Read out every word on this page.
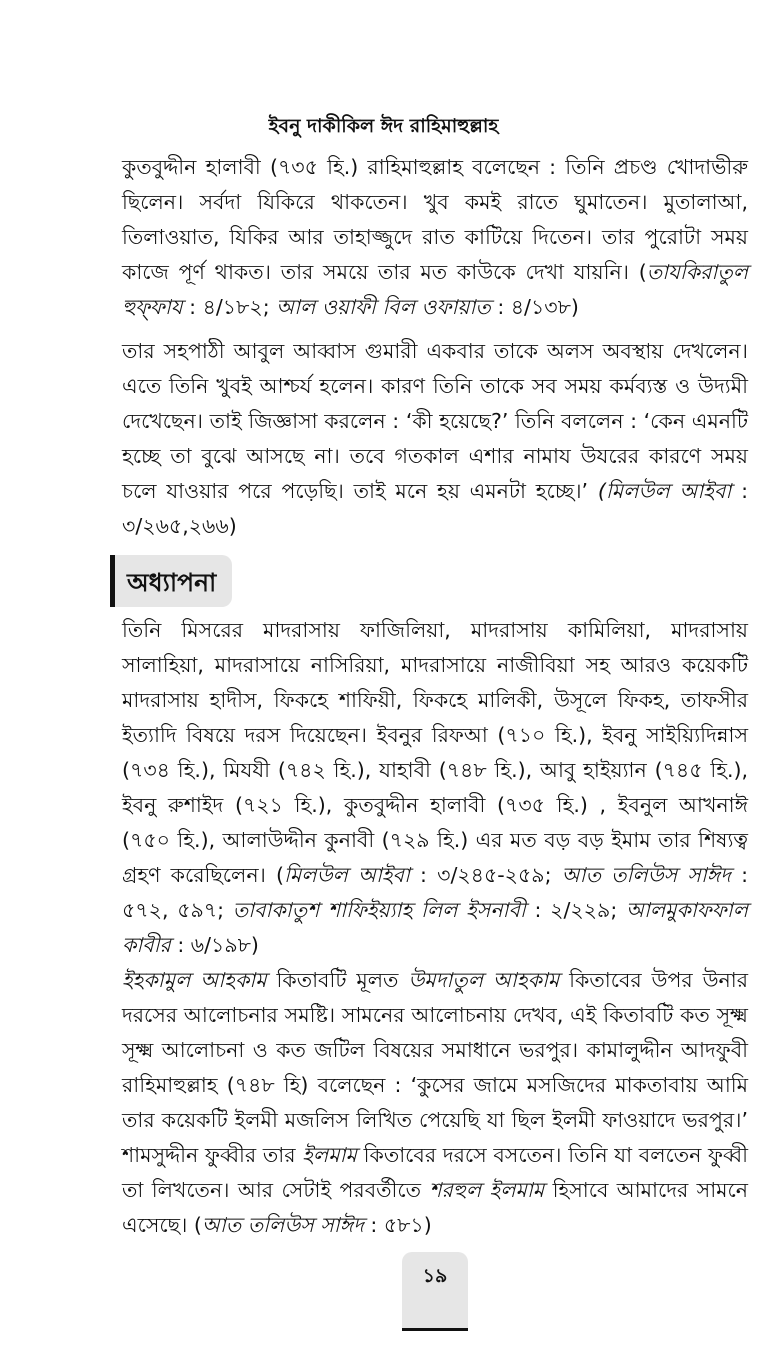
ইবনু দাকীকিল ঈদ রাহিমাহুল্লাহ

কুতবুদ্দীন হালাবী (৭৩৫ হি.) রাহিমাহুল্লাহ বলেছেন : তিনি প্রচণ্ড খোদাভীরু ছিলেন। সর্বদা যিকিরে থাকতেন। খুব কমই রাতে ঘুমাতেন। মুতালাআ, তিলাওয়াত, যিকির আর তাহাজ্জুদে রাত কাটিয়ে দিতেন। তার পুরোটা সময় কাজে পূর্ণ থাকত। তার সময়ে তার মত কাউকে দেখা যায়নি। (তাযকিরাতুল হুফ্ফায : ৪/১৮২; আল ওয়াফী বিল ওফায়াত : ৪/১৩৮)

তার সহপাঠী আবুল আব্বাস গুমারী একবার তাকে অলস অবস্থায় দেখলেন। এতে তিনি খুবই আশ্চর্য হলেন। কারণ তিনি তাকে সব সময় কর্মব্যস্ত ও উদ্যমী দেখেছেন। তাই জিজ্ঞাসা করলেন : ‘কী হয়েছে?’ তিনি বললেন : ‘কেন এমনটি হচ্ছে তা বুঝে আসছে না। তবে গতকাল এশার নামায উযরের কারণে সময় চলে যাওয়ার পরে পড়েছি। তাই মনে হয় এমনটা হচ্ছে।’ (মিলউল আইবা : ৩/২৬৫,২৬৬)

অধ্যাপনা

তিনি মিসরের মাদরাসায় ফাজিলিয়া, মাদরাসায় কামিলিয়া, মাদরাসায় সালাহিয়া, মাদরাসায়ে নাসিরিয়া, মাদরাসায়ে নাজীবিয়া সহ আরও কয়েকটি মাদরাসায় হাদীস, ফিকহে শাফিয়ী, ফিকহে মালিকী, উসূলে ফিকহ, তাফসীর ইত্যাদি বিষয়ে দরস দিয়েছেন। ইবনুর রিফআ (৭১০ হি.), ইবনু সাইয়্যিদিন্নাস (৭৩৪ হি.), মিযযী (৭৪২ হি.), যাহাবী (৭৪৮ হি.), আবু হাইয়্যান (৭৪৫ হি.), ইবনু রুশাইদ (৭২১ হি.), কুতবুদ্দীন হালাবী (৭৩৫ হি.) , ইবনুল আখনাঈ (৭৫০ হি.), আলাউদ্দীন কুনাবী (৭২৯ হি.) এর মত বড় বড় ইমাম তার শিষ্যত্ব গ্রহণ করেছিলেন। (মিলউল আইবা : ৩/২৪৫-২৫৯; আত তলিউস সাঈদ : ৫৭২, ৫৯৭; তাবাকাতুশ শাফিইয়্যাহ লিল ইসনাবী : ২/২২৯; আলমুকাফফাল কাবীর : ৬/১৯৮)

ইহকামুল আহকাম কিতাবটি মূলত উমদাতুল আহকাম কিতাবের উপর উনার দরসের আলোচনার সমষ্টি। সামনের আলোচনায় দেখব, এই কিতাবটি কত সূক্ষ্ম সূক্ষ্ম আলোচনা ও কত জটিল বিষয়ের সমাধানে ভরপুর। কামালুদ্দীন আদফুবী রাহিমাহুল্লাহ (৭৪৮ হি) বলেছেন : ‘কুসের জামে মসজিদের মাকতাবায় আমি তার কয়েকটি ইলমী মজলিস লিখিত পেয়েছি যা ছিল ইলমী ফাওয়াদে ভরপুর।’ শামসুদ্দীন ফুব্বীর তার ইলমাম কিতাবের দরসে বসতেন। তিনি যা বলতেন ফুব্বী তা লিখতেন। আর সেটাই পরবর্তীতে শরহুল ইলমাম হিসাবে আমাদের সামনে এসেছে। (আত তলিউস সাঈদ : ৫৮১)

১৯
